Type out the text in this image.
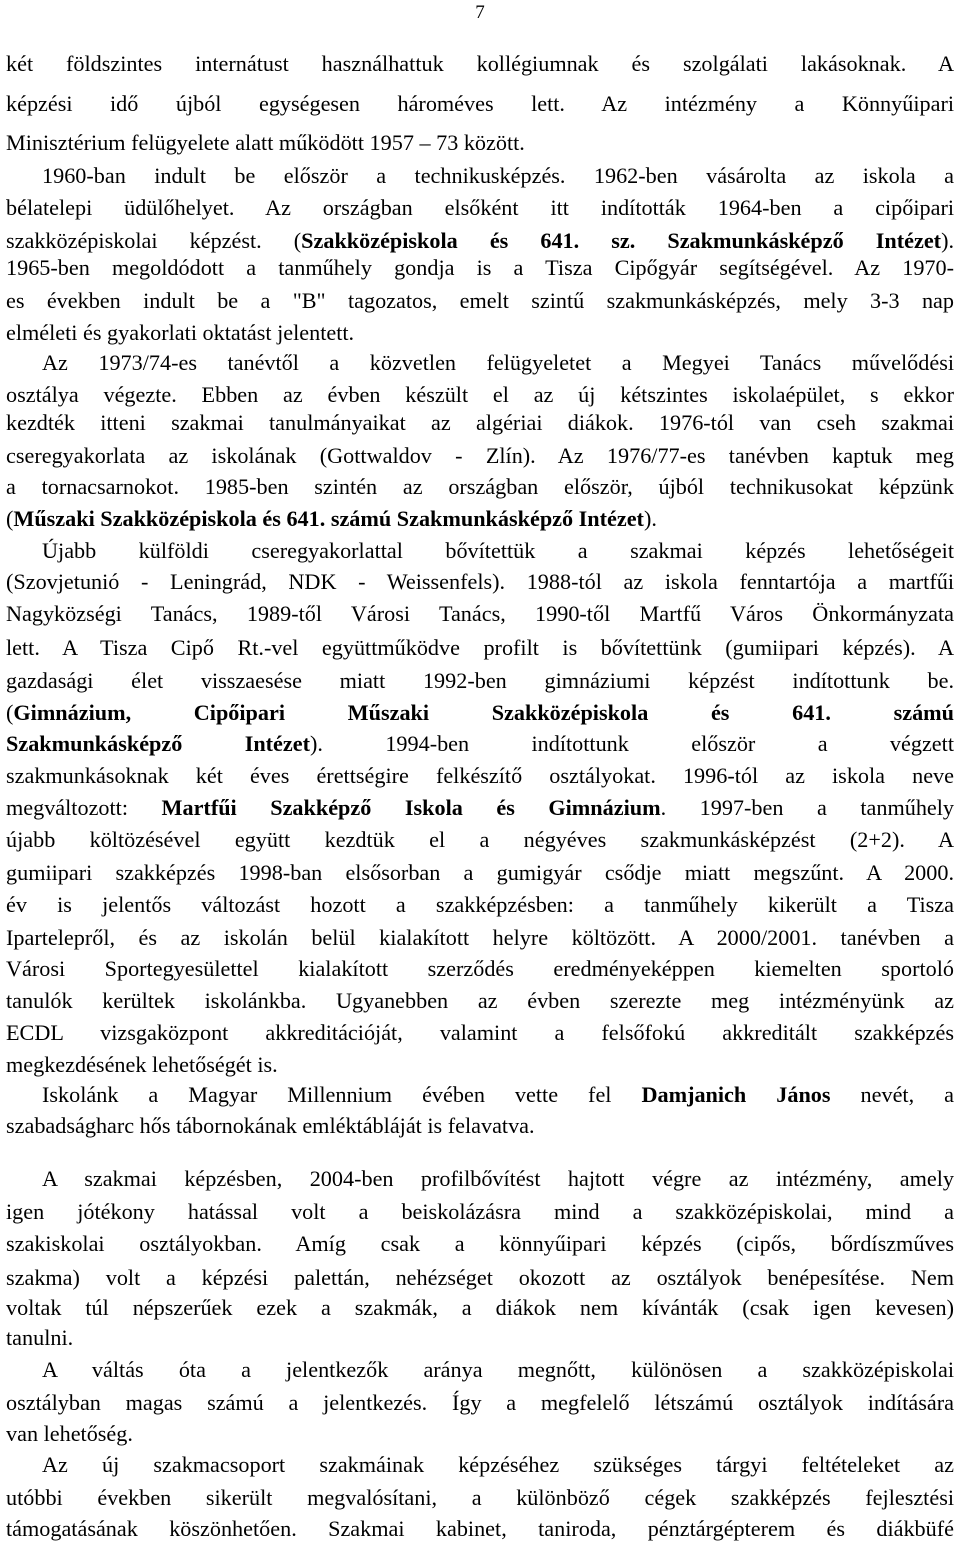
7
két földszintes internátust használhattuk kollégiumnak és szolgálati lakásoknak. A
képzési idő újból egységesen hároméves lett. Az intézmény a Könnyűipari
Minisztérium felügyelete alatt működött 1957 – 73 között.
1960-ban indult be először a technikusképzés. 1962-ben vásárolta az iskola a
bélatelepi üdülőhelyet. Az országban elsőként itt indították 1964-ben a cipőipari
szakközépiskolai képzést. (Szakközépiskola és 641. sz. Szakmunkásképző Intézet).
1965-ben megoldódott a tanműhely gondja is a Tisza Cipőgyár segítségével. Az 1970-
es években indult be a "B" tagozatos, emelt szintű szakmunkásképzés, mely 3-3 nap
elméleti és gyakorlati oktatást jelentett.
Az 1973/74-es tanévtől a közvetlen felügyeletet a Megyei Tanács művelődési
osztálya végezte. Ebben az évben készült el az új kétszintes iskolaépület, s ekkor
kezdték itteni szakmai tanulmányaikat az algériai diákok. 1976-tól van cseh szakmai
cseregyakorlata az iskolának (Gottwaldov - Zlín). Az 1976/77-es tanévben kaptuk meg
a tornacsarnokot. 1985-ben szintén az országban először, újból technikusokat képzünk
(Műszaki Szakközépiskola és 641. számú Szakmunkásképző Intézet).
Újabb külföldi cseregyakorlattal bővítettük a szakmai képzés lehetőségeit
(Szovjetunió - Leningrád, NDK - Weissenfels). 1988-tól az iskola fenntartója a martfűi
Nagyközségi Tanács, 1989-től Városi Tanács, 1990-től Martfű Város Önkormányzata
lett. A Tisza Cipő Rt.-vel együttműködve profilt is bővítettünk (gumiipari képzés). A
gazdasági élet visszaesése miatt 1992-ben gimnáziumi képzést indítottunk be.
(Gimnázium, Cipőipari Műszaki Szakközépiskola és 641. számú
Szakmunkásképző Intézet). 1994-ben indítottunk először a végzett
szakmunkásoknak két éves érettségire felkészítő osztályokat. 1996-tól az iskola neve
megváltozott: Martfűi Szakképző Iskola és Gimnázium. 1997-ben a tanműhely
újabb költözésével együtt kezdtük el a négyéves szakmunkásképzést (2+2). A
gumiipari szakképzés 1998-ban elsősorban a gumigyár csődje miatt megszűnt. A 2000.
év is jelentős változást hozott a szakképzésben: a tanműhely kikerült a Tisza
Ipartelepről, és az iskolán belül kialakított helyre költözött. A 2000/2001. tanévben a
Városi Sportegyesülettel kialakított szerződés eredményeképpen kiemelten sportoló
tanulók kerültek iskolánkba. Ugyanebben az évben szerezte meg intézményünk az
ECDL vizsgaközpont akkreditációját, valamint a felsőfokú akkreditált szakképzés
megkezdésének lehetőségét is.
Iskolánk a Magyar Millennium évében vette fel Damjanich János nevét, a
szabadságharc hős tábornokának emléktábláját is felavatva.
A szakmai képzésben, 2004-ben profilbővítést hajtott végre az intézmény, amely
igen jótékony hatással volt a beiskolázásra mind a szakközépiskolai, mind a
szakiskolai osztályokban. Amíg csak a könnyűipari képzés (cipős, bőrdíszműves
szakma) volt a képzési palettán, nehézséget okozott az osztályok benépesítése. Nem
voltak túl népszerűek ezek a szakmák, a diákok nem kívánták (csak igen kevesen)
tanulni.
A váltás óta a jelentkezők aránya megnőtt, különösen a szakközépiskolai
osztályban magas számú a jelentkezés. Így a megfelelő létszámú osztályok indítására
van lehetőség.
Az új szakmacsoport szakmáinak képzéséhez szükséges tárgyi feltételeket az
utóbbi években sikerült megvalósítani, a különböző cégek szakképzés fejlesztési
támogatásának köszönhetően. Szakmai kabinet, taniroda, pénztárgépterem és diákbüfé
